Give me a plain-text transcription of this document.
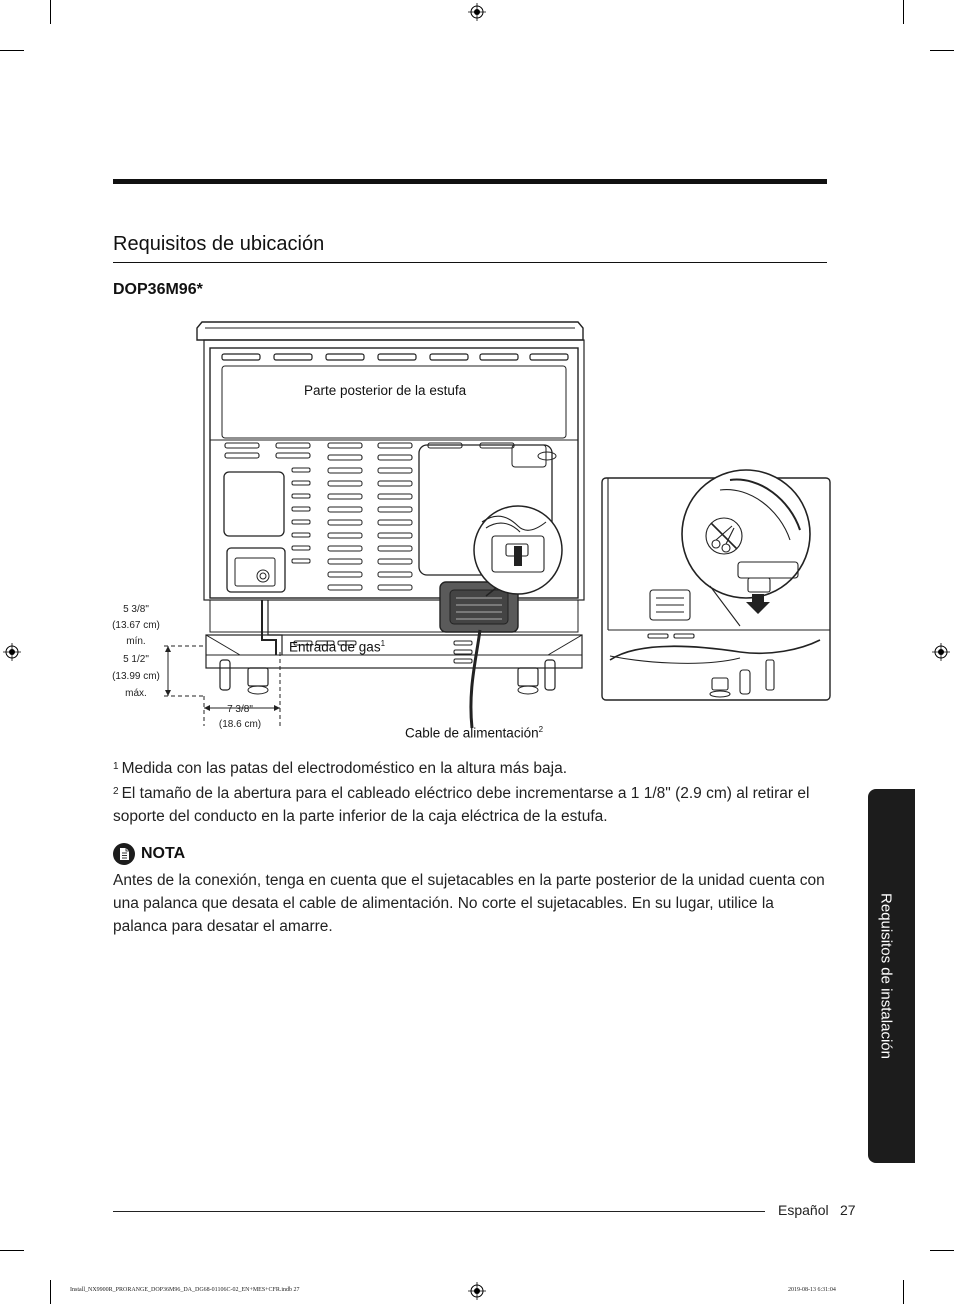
Requisitos de ubicación
DOP36M96*
Parte posterior de la estufa
Entrada de gas$^1$
Cable de alimentación$^2$
5 3/8"
(13.67 cm)
mín.
5 1/2"
(13.99 cm)
máx.
7 3/8"
(18.6 cm)
$^1$ Medida con las patas del electrodoméstico en la altura más baja.
$^2$ El tamaño de la abertura para el cableado eléctrico debe incrementarse a 1 1/8" (2.9 cm) al retirar el soporte del conducto en la parte inferior de la caja eléctrica de la estufa.
NOTA
Antes de la conexión, tenga en cuenta que el sujetacables en la parte posterior de la unidad cuenta con una palanca que desata el cable de alimentación. No corte el sujetacables. En su lugar, utilice la palanca para desatar el amarre.	Requisitos de instalación
Español 27
Install_NX9900R_PRORANGE_DOP36M96_DA_DG68-01106C-02_EN+MES+CFR.indb 27	2019-08-13 6:31:04
